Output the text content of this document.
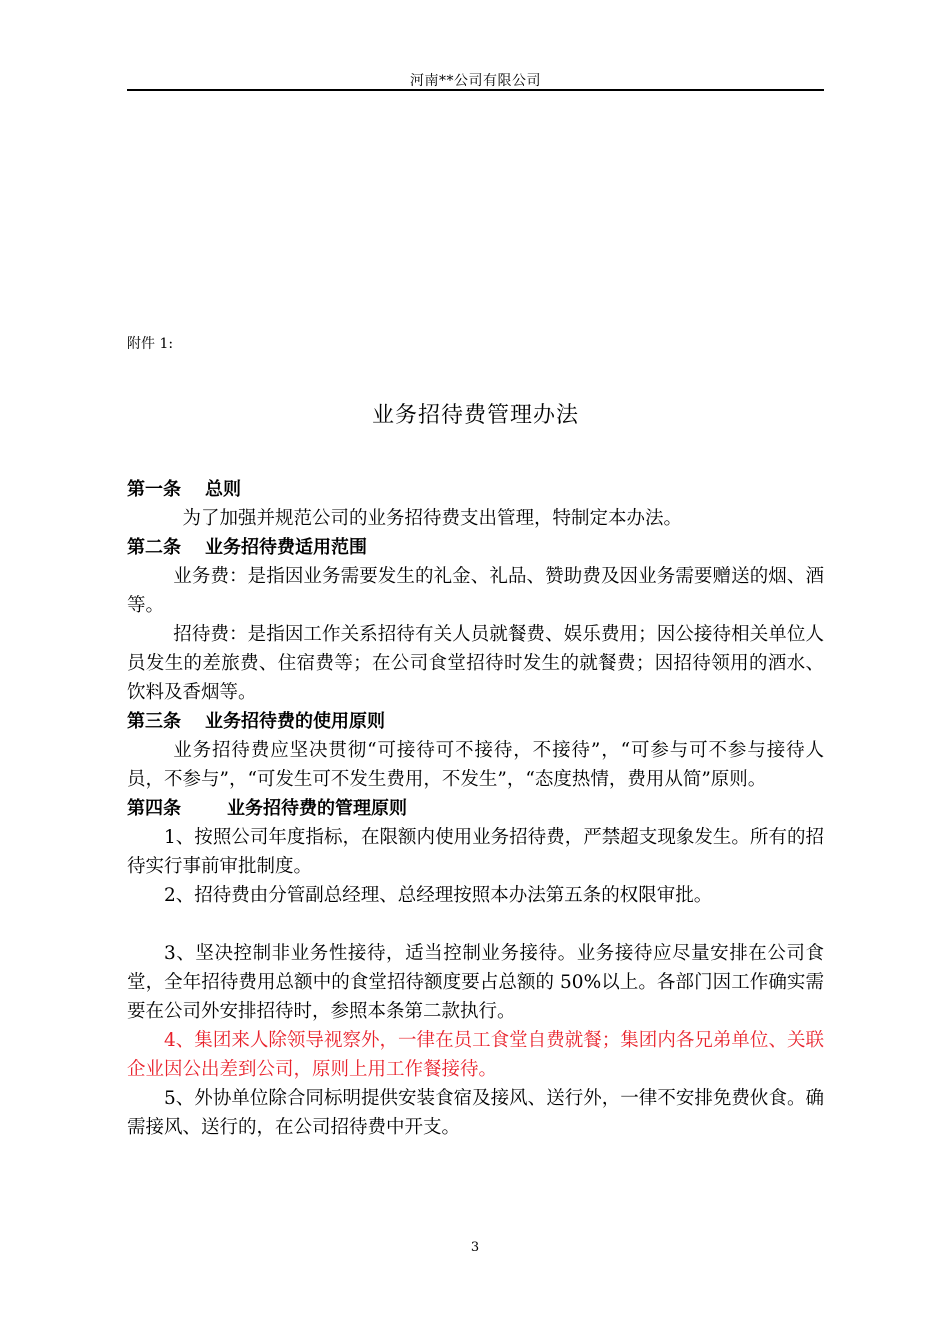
河南**公司有限公司
附件 1:
业务招待费管理办法

第一条 总则

为了加强并规范公司的业务招待费支出管理，特制定本办法。

第二条 业务招待费适用范围

业务费：是指因业务需要发生的礼金、礼品、赞助费及因业务需要赠送的烟、酒等。

招待费：是指因工作关系招待有关人员就餐费、娱乐费用；因公接待相关单位人员发生的差旅费、住宿费等；在公司食堂招待时发生的就餐费；因招待领用的酒水、饮料及香烟等。

第三条 业务招待费的使用原则

业务招待费应坚决贯彻“可接待可不接待，不接待”，“可参与可不参与接待人员，不参与”，“可发生可不发生费用，不发生”，“态度热情，费用从简”原则。

第四条	业务招待费的管理原则

1、按照公司年度指标，在限额内使用业务招待费，严禁超支现象发生。所有的招待实行事前审批制度。

2、招待费由分管副总经理、总经理按照本办法第五条的权限审批。

3、坚决控制非业务性接待，适当控制业务接待。业务接待应尽量安排在公司食堂，全年招待费用总额中的食堂招待额度要占总额的 50%以上。各部门因工作确实需要在公司外安排招待时，参照本条第二款执行。

4、集团来人除领导视察外，一律在员工食堂自费就餐；集团内各兄弟单位、关联企业因公出差到公司，原则上用工作餐接待。

5、外协单位除合同标明提供安装食宿及接风、送行外，一律不安排免费伙食。确需接风、送行的，在公司招待费中开支。

3
